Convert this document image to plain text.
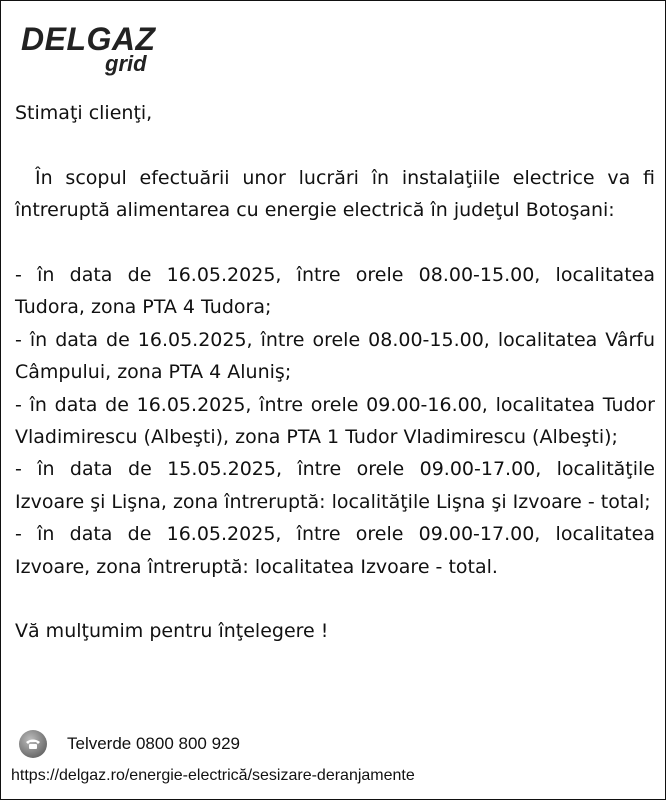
DELGAZ
grid

Stimaţi clienţi,

În scopul efectuării unor lucrări în instalaţiile electrice va fi întreruptă alimentarea cu energie electrică în judeţul Botoşani:

- în data de 16.05.2025, între orele 08.00-15.00, localitatea Tudora, zona PTA 4 Tudora;

- în data de 16.05.2025, între orele 08.00-15.00, localitatea Vârfu Câmpului, zona PTA 4 Aluniş;

- în data de 16.05.2025, între orele 09.00-16.00, localitatea Tudor Vladimirescu (Albeşti), zona PTA 1 Tudor Vladimirescu (Albeşti);

- în data de 15.05.2025, între orele 09.00-17.00, localităţile Izvoare şi Lişna, zona întreruptă: localităţile Lişna şi Izvoare - total;

- în data de 16.05.2025, între orele 09.00-17.00, localitatea Izvoare, zona întreruptă: localitatea Izvoare - total.

Vă mulţumim pentru înţelegere !

Telverde 0800 800 929
https://delgaz.ro/energie-electrică/sesizare-deranjamente
